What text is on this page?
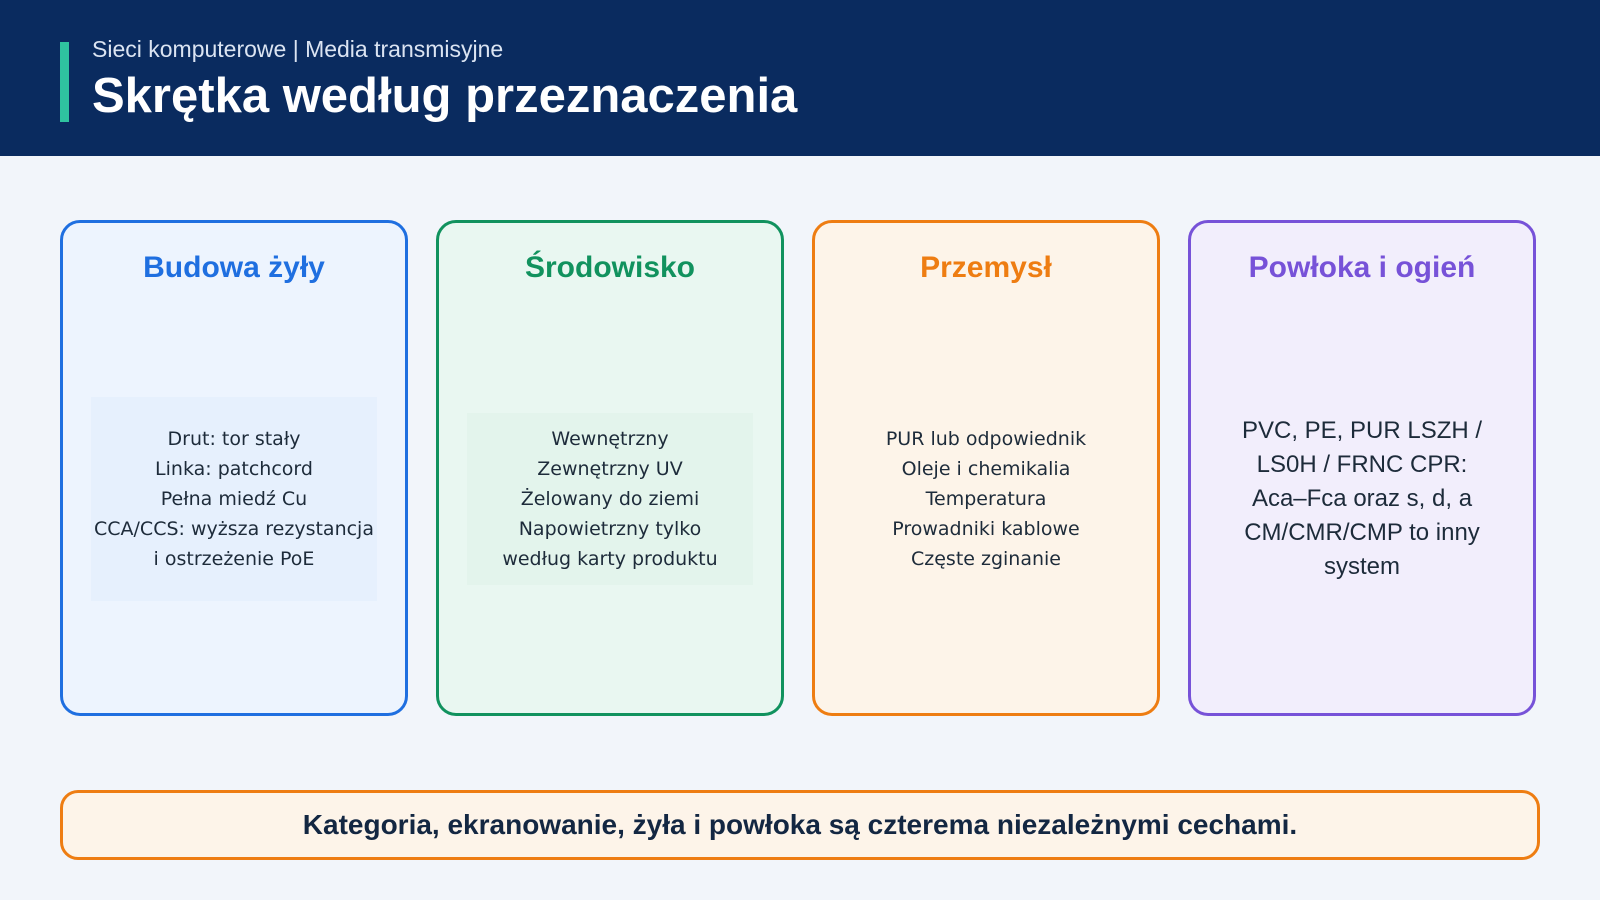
Sieci komputerowe | Media transmisyjne
Skrętka według przeznaczenia
Budowa żyły
Drut: tor stały
Linka: patchcord
Pełna miedź Cu
CCA/CCS: wyższa rezystancja
i ostrzeżenie PoE
Środowisko
Wewnętrzny
Zewnętrzny UV
Żelowany do ziemi
Napowietrzny tylko
według karty produktu
Przemysł
PUR lub odpowiednik
Oleje i chemikalia
Temperatura
Prowadniki kablowe
Częste zginanie
Powłoka i ogień
PVC, PE, PUR LSZH /
LS0H / FRNC CPR:
Aca–Fca oraz s, d, a
CM/CMR/CMP to inny
system
Kategoria, ekranowanie, żyła i powłoka są czterema niezależnymi cechami.
